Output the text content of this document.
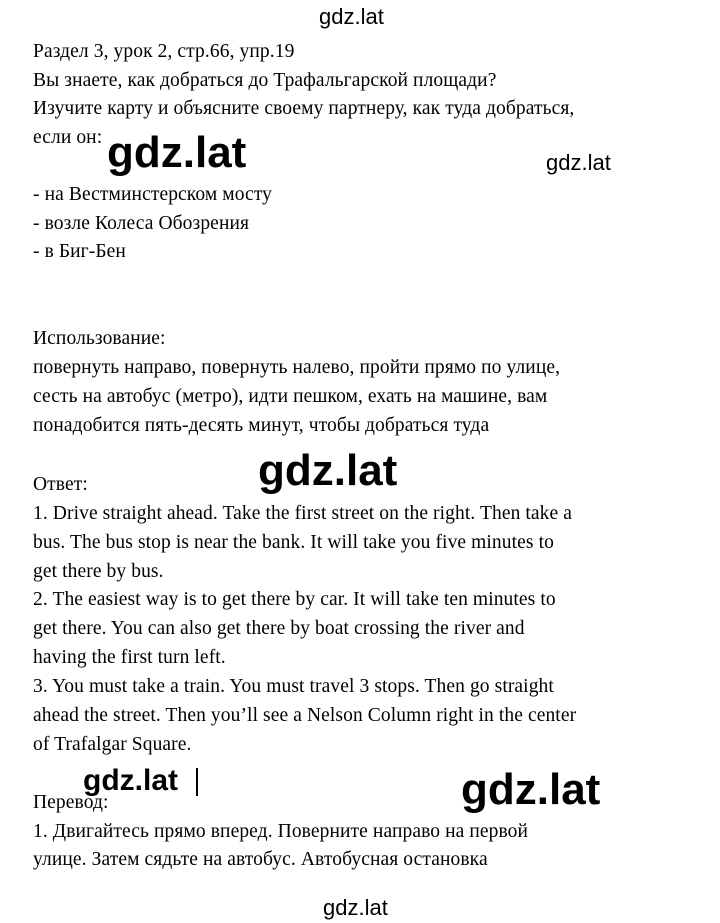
gdz.lat
Раздел 3, урок 2, стр.66, упр.19
Вы знаете, как добраться до Трафальгарской площади?
Изучите карту и объясните своему партнеру, как туда добраться,
если он: gdz.lat	gdz.lat
- на Вестминстерском мосту
- возле Колеса Обозрения
- в Биг-Бен
Использование:
повернуть направо, повернуть налево, пройти прямо по улице,
сесть на автобус (метро), идти пешком, ехать на машине, вам
понадобится пять-десять минут, чтобы добраться туда
Ответ:	gdz.lat
1. Drive straight ahead. Take the first street on the right. Then take a
bus. The bus stop is near the bank. It will take you five minutes to
get there by bus.
2. The easiest way is to get there by car. It will take ten minutes to
get there. You can also get there by boat crossing the river and
having the first turn left.
3. You must take a train. You must travel 3 stops. Then go straight
ahead the street. Then you’ll see a Nelson Column right in the center
of Trafalgar Square.
gdz.lat	gdz.lat
Перевод:
1. Двигайтесь прямо вперед. Поверните направо на первой
улице. Затем сядьте на автобус. Автобусная остановка
gdz.lat
